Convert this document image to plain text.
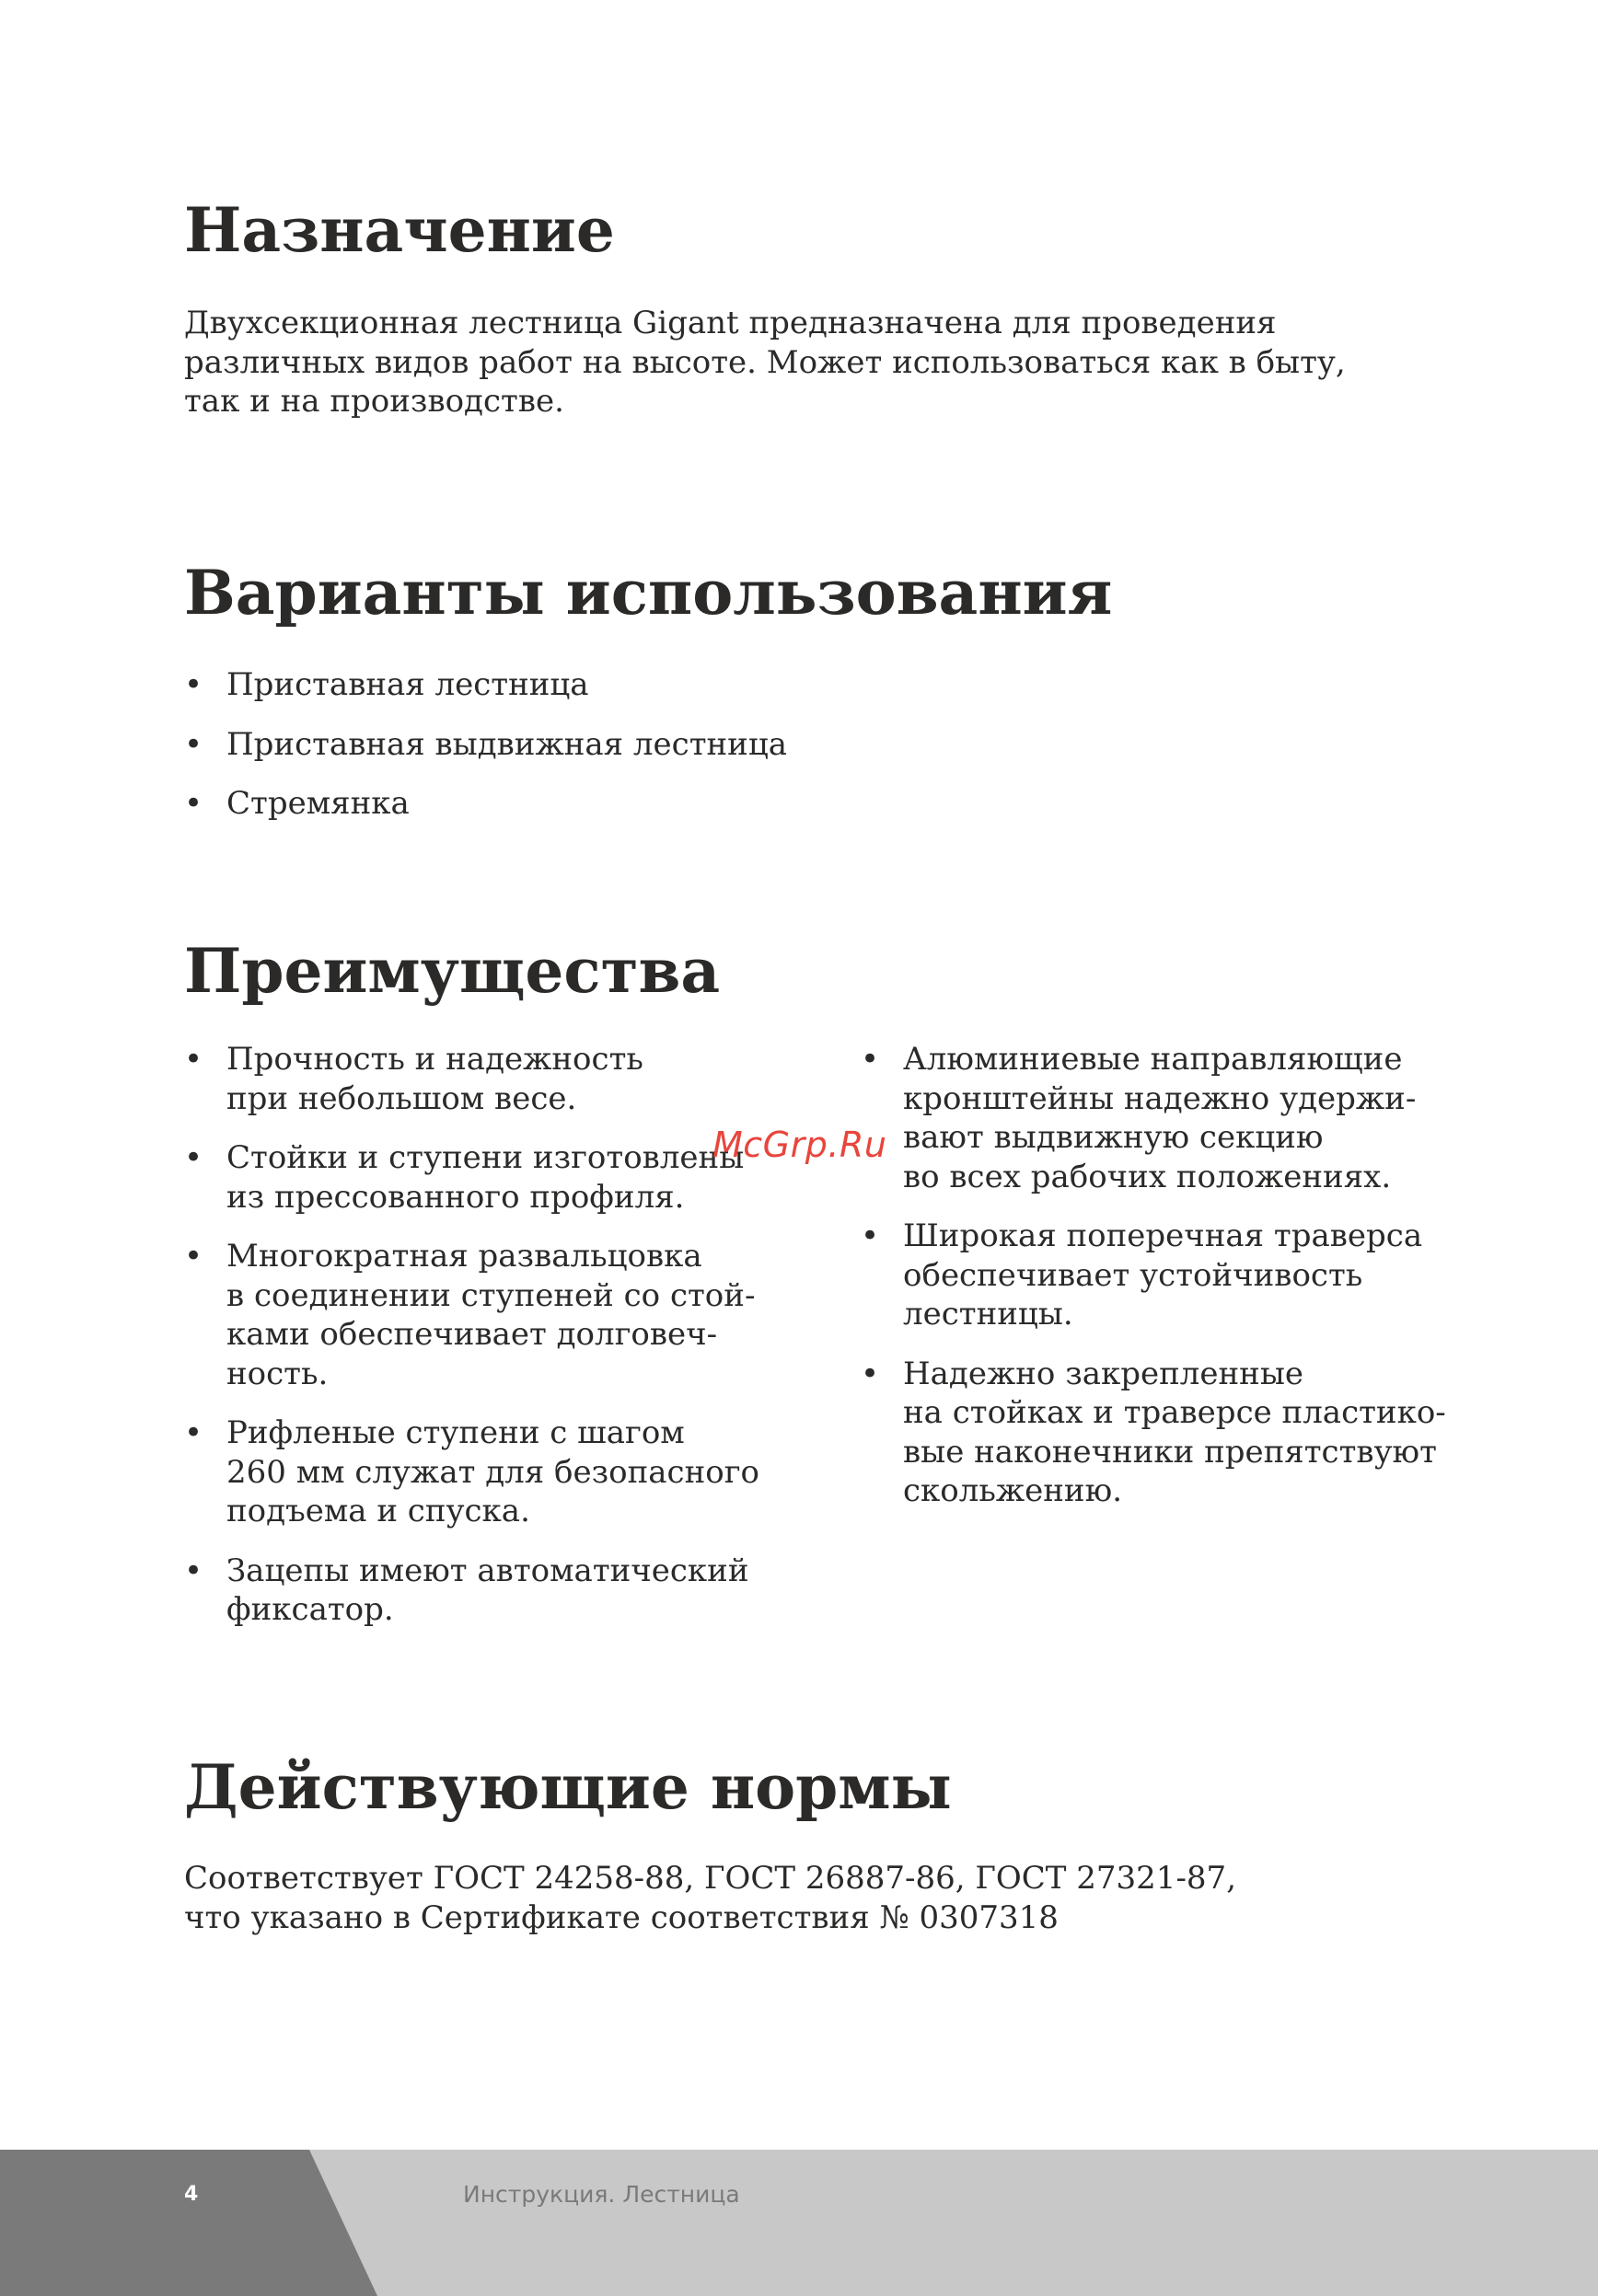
Назначение
Двухсекционная лестница Gigant предназначена для проведения
различных видов работ на высоте. Может использоваться как в быту,
так и на производстве.
Варианты использования
• Приставная лестница
• Приставная выдвижная лестница
• Стремянка
Преимущества
• Прочность и надежность
при небольшом весе.
• Стойки и ступени изготовлены
из прессованного профиля.
• Многократная развальцовка
в соединении ступеней со стой-
ками обеспечивает долговеч-
ность.
• Рифленые ступени с шагом
260 мм служат для безопасного
подъема и спуска.
• Зацепы имеют автоматический
фиксатор.
• Алюминиевые направляющие
кронштейны надежно удержи-
вают выдвижную секцию
во всех рабочих положениях.
• Широкая поперечная траверса
обеспечивает устойчивость
лестницы.
• Надежно закрепленные
на стойках и траверсе пластико-
вые наконечники препятствуют
скольжению.
McGrp.Ru
Действующие нормы
Соответствует ГОСТ 24258-88, ГОСТ 26887-86, ГОСТ 27321-87,
что указано в Сертификате соответствия № 0307318
4	Инструкция. Лестница
